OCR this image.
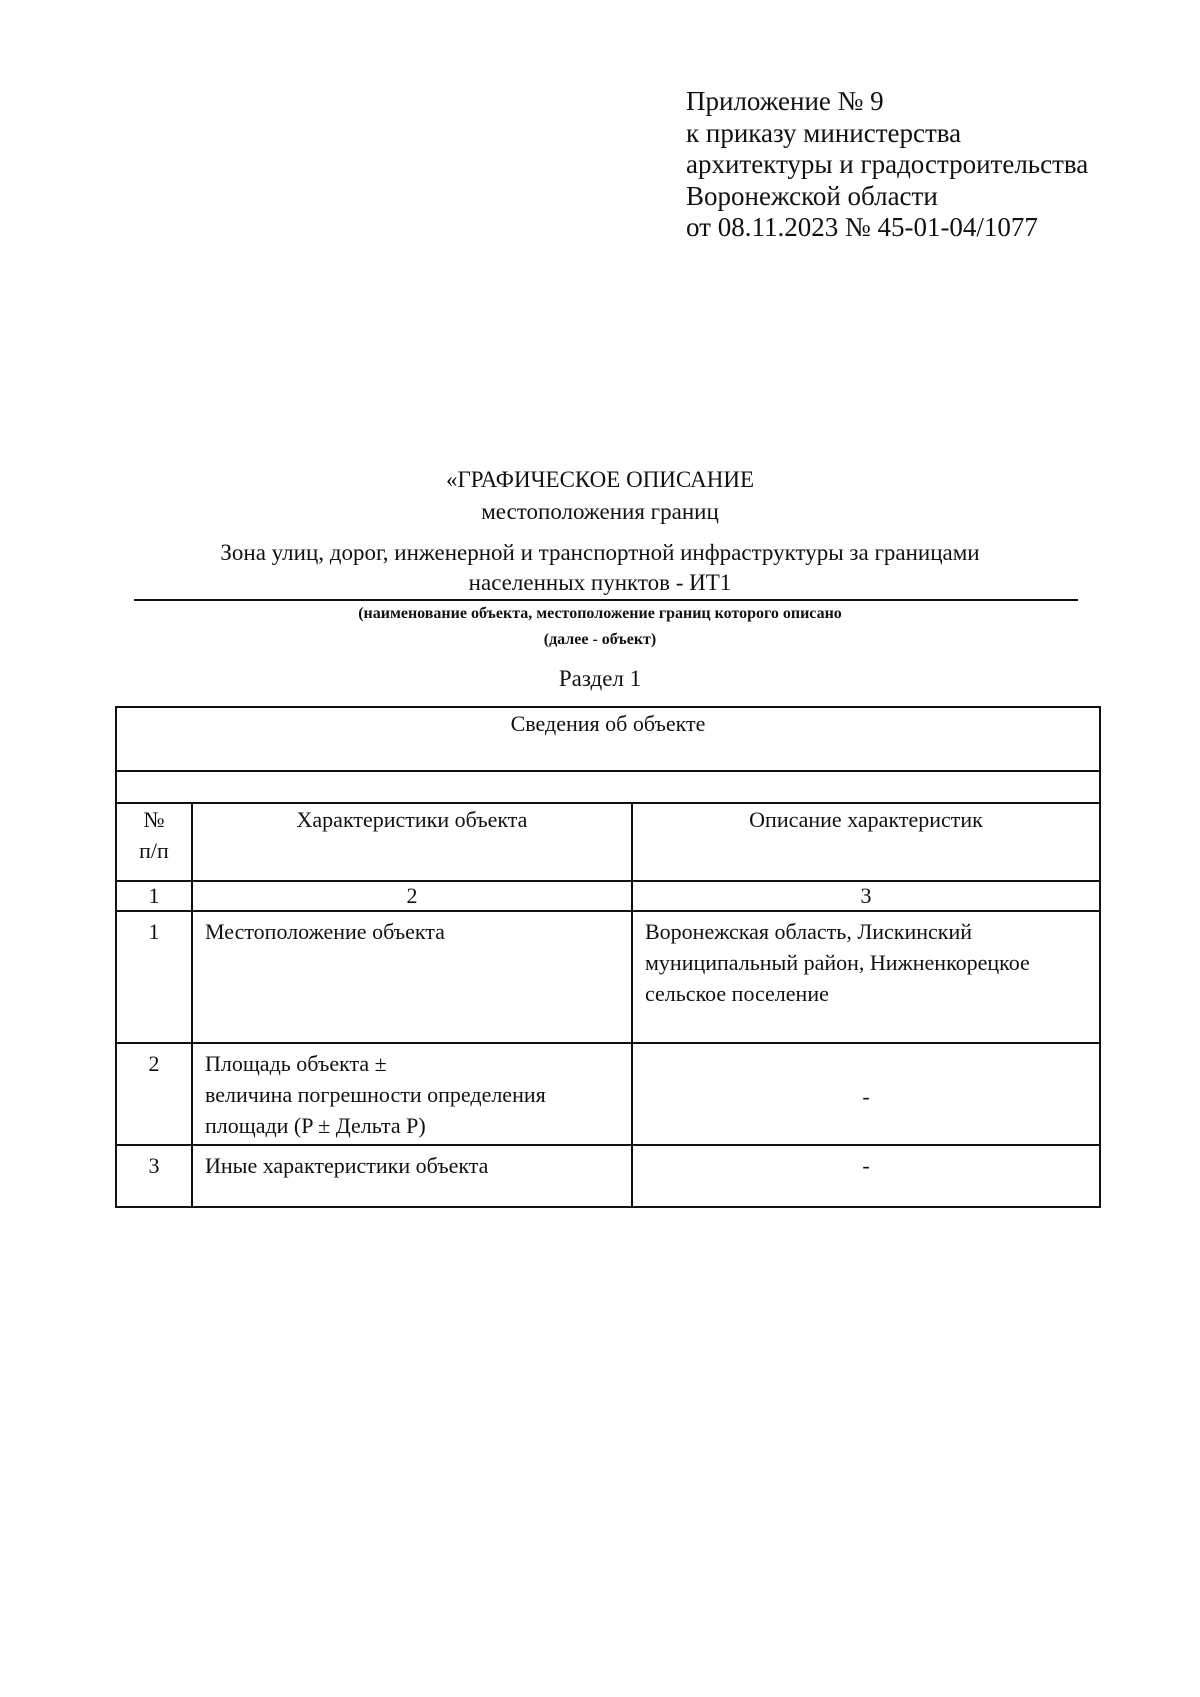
Приложение № 9
к приказу министерства
архитектуры и градостроительства
Воронежской области
от 08.11.2023 № 45-01-04/1077
«ГРАФИЧЕСКОЕ ОПИСАНИЕ
местоположения границ
Зона улиц, дорог, инженерной и транспортной инфраструктуры за границами
населенных пунктов - ИТ1
(наименование объекта, местоположение границ которого описано
(далее - объект)
Раздел 1
Сведения об объекте		

№
п/п	Характеристики объекта	Описание характеристик
1	2	3
1	Местоположение объекта	Воронежская область, Лискинский муниципальный район, Нижненкорецкое сельское поселение
2	Площадь объекта ±
величина погрешности определения
площади (P ± Дельта P)	-
3	Иные характеристики объекта	-
